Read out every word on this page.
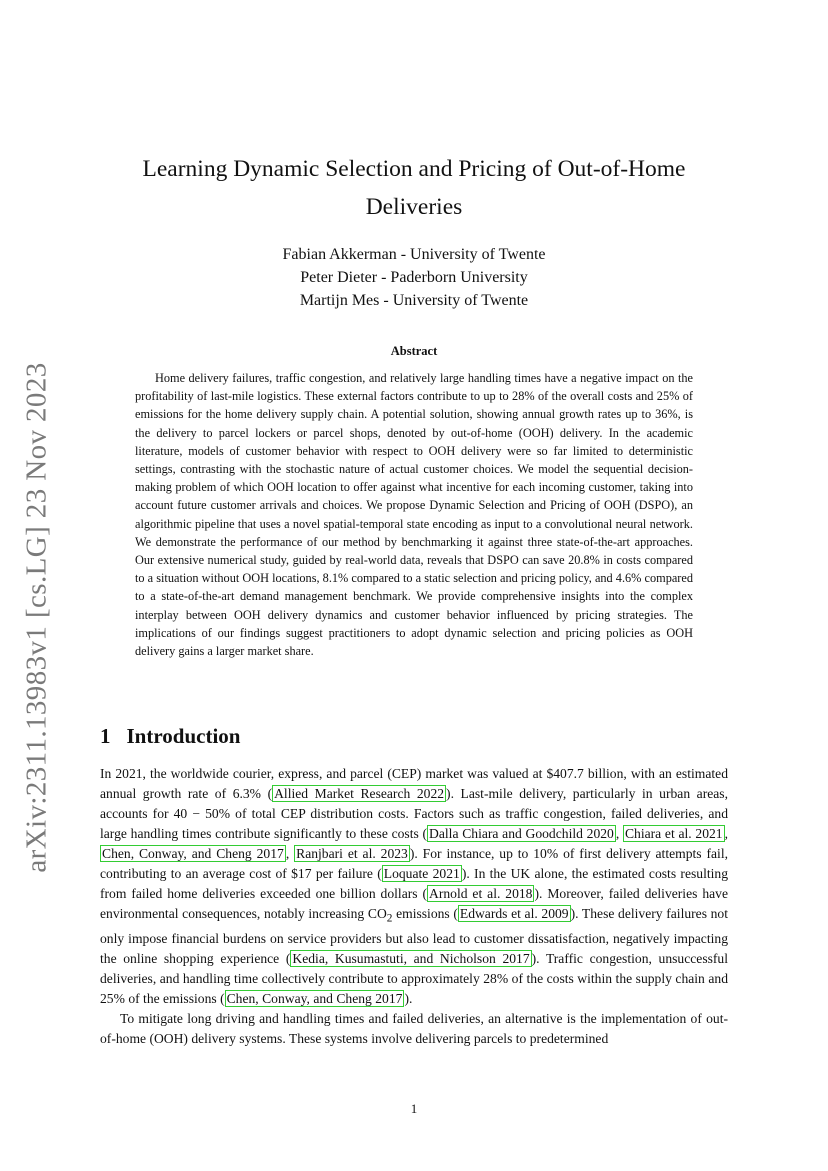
arXiv:2311.13983v1 [cs.LG] 23 Nov 2023
Learning Dynamic Selection and Pricing of Out-of-Home Deliveries
Fabian Akkerman - University of Twente
Peter Dieter - Paderborn University
Martijn Mes - University of Twente
Abstract

Home delivery failures, traffic congestion, and relatively large handling times have a negative impact on the profitability of last-mile logistics. These external factors contribute to up to 28% of the overall costs and 25% of emissions for the home delivery supply chain. A potential solution, showing annual growth rates up to 36%, is the delivery to parcel lockers or parcel shops, denoted by out-of-home (OOH) delivery. In the academic literature, models of customer behavior with respect to OOH delivery were so far limited to deterministic settings, contrasting with the stochastic nature of actual customer choices. We model the sequential decision-making problem of which OOH location to offer against what incentive for each incoming customer, taking into account future customer arrivals and choices. We propose Dynamic Selection and Pricing of OOH (DSPO), an algorithmic pipeline that uses a novel spatial-temporal state encoding as input to a convolutional neural network. We demonstrate the performance of our method by benchmarking it against three state-of-the-art approaches. Our extensive numerical study, guided by real-world data, reveals that DSPO can save 20.8% in costs compared to a situation without OOH locations, 8.1% compared to a static selection and pricing policy, and 4.6% compared to a state-of-the-art demand management benchmark. We provide comprehensive insights into the complex interplay between OOH delivery dynamics and customer behavior influenced by pricing strategies. The implications of our findings suggest practitioners to adopt dynamic selection and pricing policies as OOH delivery gains a larger market share.

1 Introduction

In 2021, the worldwide courier, express, and parcel (CEP) market was valued at $407.7 billion, with an estimated annual growth rate of 6.3% ( Allied Market Research 2022 ). Last-mile delivery, particularly in urban areas, accounts for 40 − 50% of total CEP distribution costs. Factors such as traffic congestion, failed deliveries, and large handling times contribute significantly to these costs ( Dalla Chiara and Goodchild 2020 , Chiara et al. 2021 , Chen, Conway, and Cheng 2017 , Ranjbari et al. 2023 ). For instance, up to 10% of first delivery attempts fail, contributing to an average cost of $17 per failure ( Loquate 2021 ). In the UK alone, the estimated costs resulting from failed home deliveries exceeded one billion dollars ( Arnold et al. 2018 ). Moreover, failed deliveries have environmental consequences, notably increasing $CO_2$ emissions ( Edwards et al. 2009 ). These delivery failures not only impose financial burdens on service providers but also lead to customer dissatisfaction, negatively impacting the online shopping experience ( Kedia, Kusumastuti, and Nicholson 2017 ). Traffic congestion, unsuccessful deliveries, and handling time collectively contribute to approximately 28% of the costs within the supply chain and 25% of the emissions ( Chen, Conway, and Cheng 2017 ).

To mitigate long driving and handling times and failed deliveries, an alternative is the implementation of out-of-home (OOH) delivery systems. These systems involve delivering parcels to predetermined

1
